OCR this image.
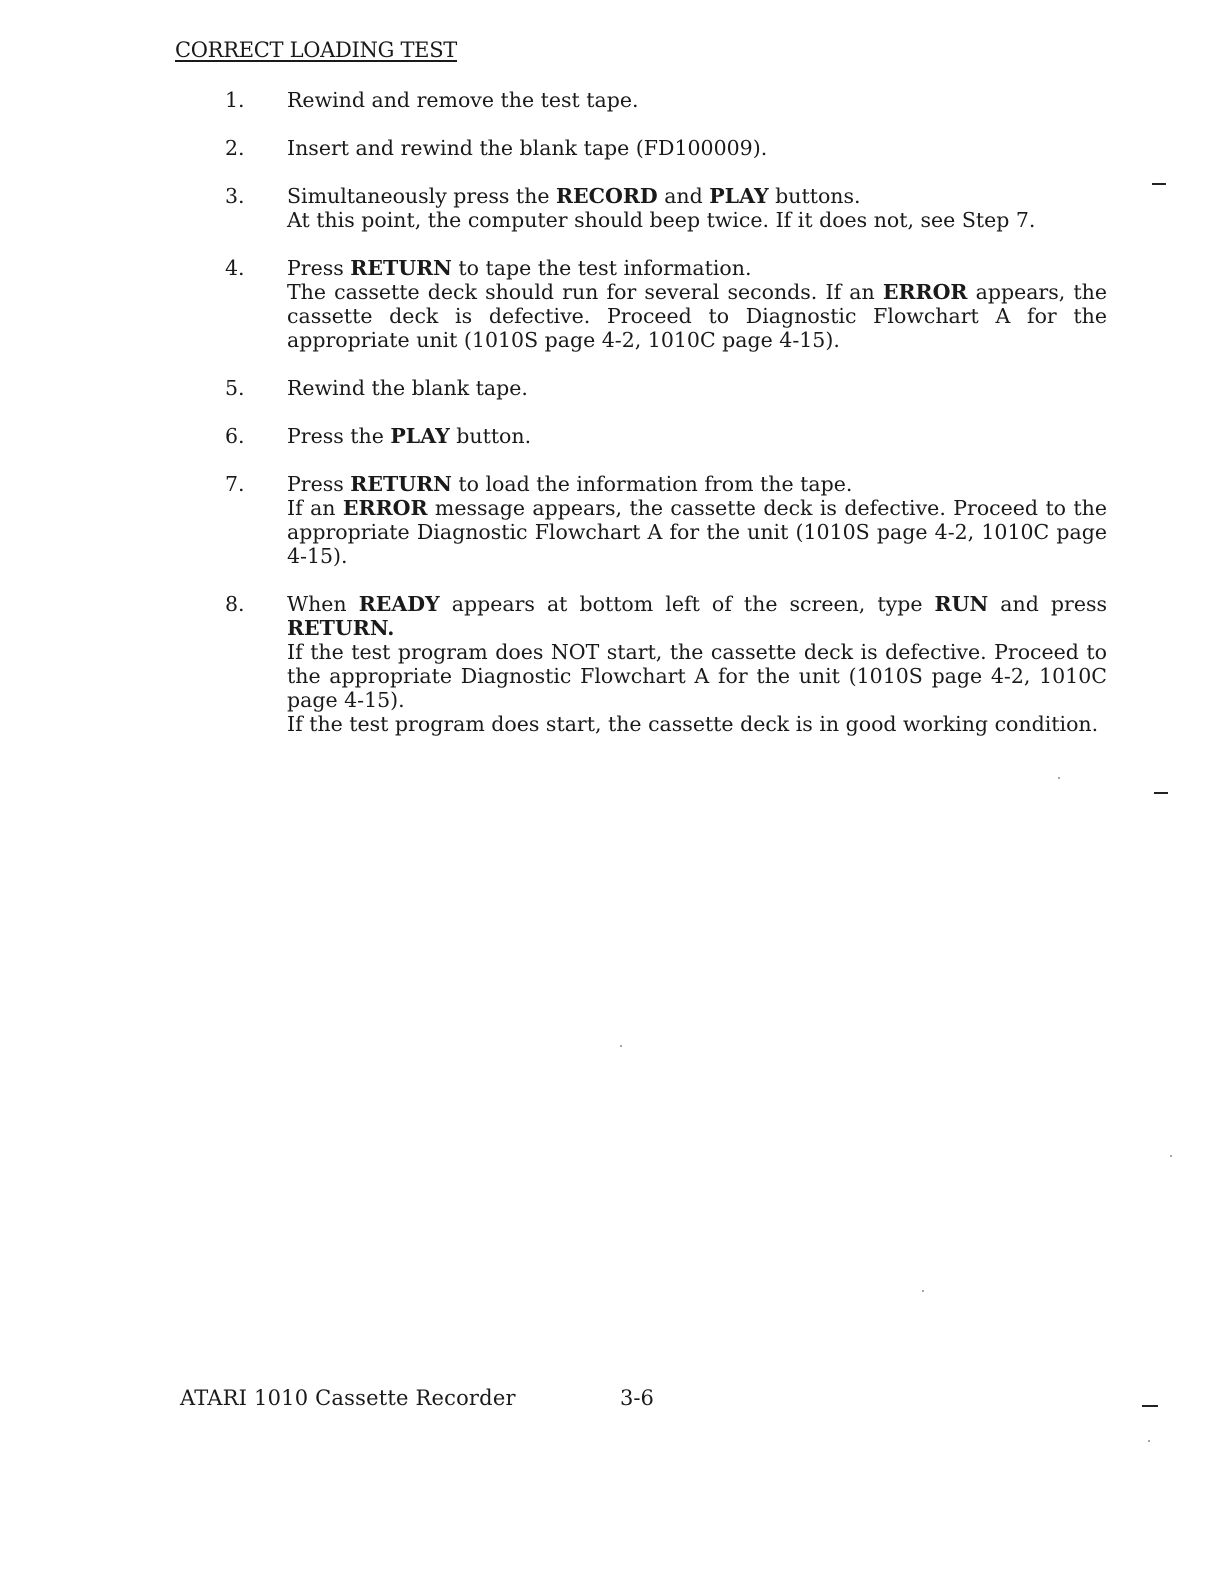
CORRECT LOADING TEST
1.	Rewind and remove the test tape.

2.	Insert and rewind the blank tape (FD100009).

3.	Simultaneously press the RECORD and PLAY buttons.

At this point, the computer should beep twice. If it does not, see Step 7.

4.	Press RETURN to tape the test information.

The cassette deck should run for several seconds. If an ERROR appears, the cassette deck is defective. Proceed to Diagnostic Flowchart A for the appropriate unit (1010S page 4-2, 1010C page 4-15).

5.	Rewind the blank tape.

6.	Press the PLAY button.

7.	Press RETURN to load the information from the tape.

If an ERROR message appears, the cassette deck is defective. Proceed to the appropriate Diagnostic Flowchart A for the unit (1010S page 4-2, 1010C page 4-15).

8.	When READY appears at bottom left of the screen, type RUN and press RETURN.

If the test program does NOT start, the cassette deck is defective. Proceed to the appropriate Diagnostic Flowchart A for the unit (1010S page 4-2, 1010C page 4-15).

If the test program does start, the cassette deck is in good working condition.

ATARI 1010 Cassette Recorder	3-6
